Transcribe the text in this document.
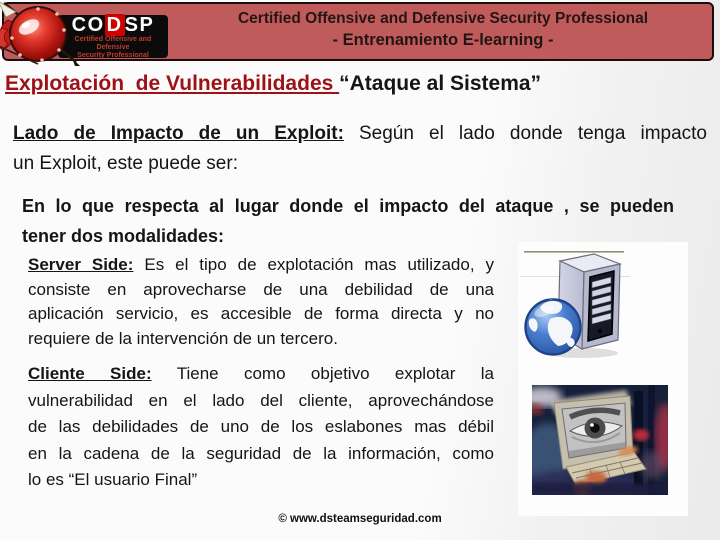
CO D SP
Certified Offensive and Defensive
Security Professional
Certified Offensive and Defensive Security Professional
- Entrenamiento E-learning -
Explotación  de Vulnerabilidades “Ataque al Sistema”
Lado de Impacto de un Exploit: Según el lado donde tenga impacto
un Exploit, este puede ser:
En lo que respecta al lugar donde el impacto del ataque , se pueden
tener dos modalidades:
Server Side: Es el tipo de explotación mas utilizado, y
consiste en aprovecharse de una debilidad de una
aplicación servicio, es accesible de forma directa y no
requiere de la intervención de un tercero.
Cliente Side: Tiene como objetivo explotar la
vulnerabilidad en el lado del cliente, aprovechándose
de las debilidades de uno de los eslabones mas débil
en la cadena de la seguridad de la información, como
lo es “El usuario Final”
© www.dsteamseguridad.com
